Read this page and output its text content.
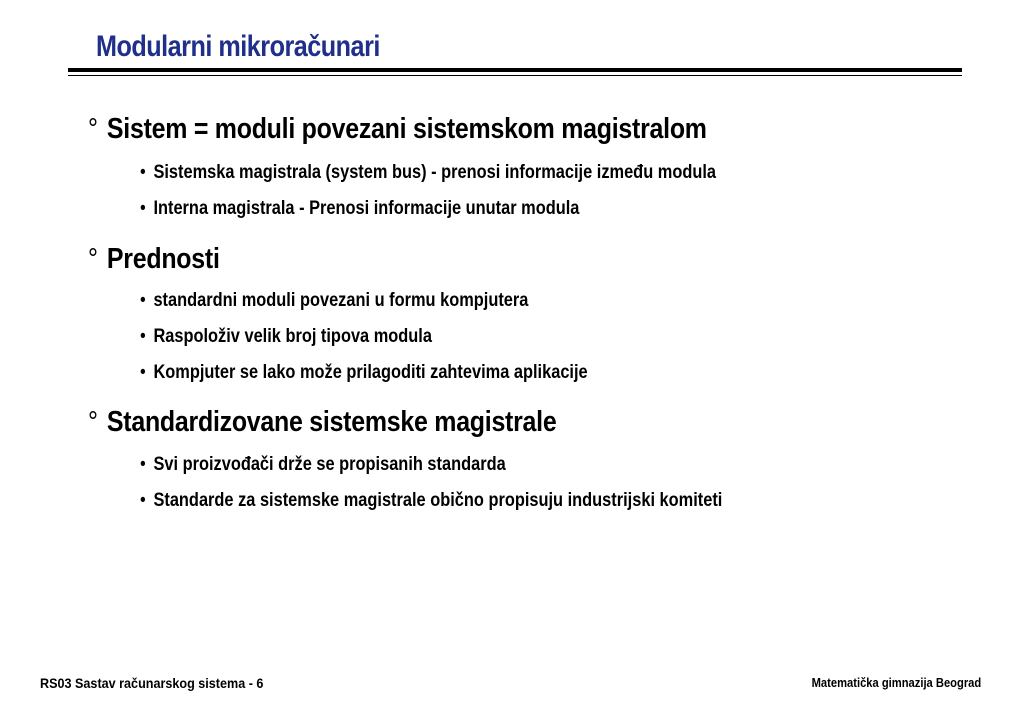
Modularni mikroračunari
° Sistem = moduli povezani sistemskom magistralom
• Sistemska magistrala (system bus) - prenosi informacije između modula
• Interna magistrala - Prenosi informacije unutar modula
° Prednosti
• standardni moduli povezani u formu kompjutera
• Raspoloživ velik broj tipova modula
• Kompjuter se lako može prilagoditi zahtevima aplikacije
° Standardizovane sistemske magistrale
• Svi proizvođači drže se propisanih standarda
• Standarde za sistemske magistrale obično propisuju industrijski komiteti
RS03 Sastav računarskog sistema - 6	Matematička gimnazija Beograd
